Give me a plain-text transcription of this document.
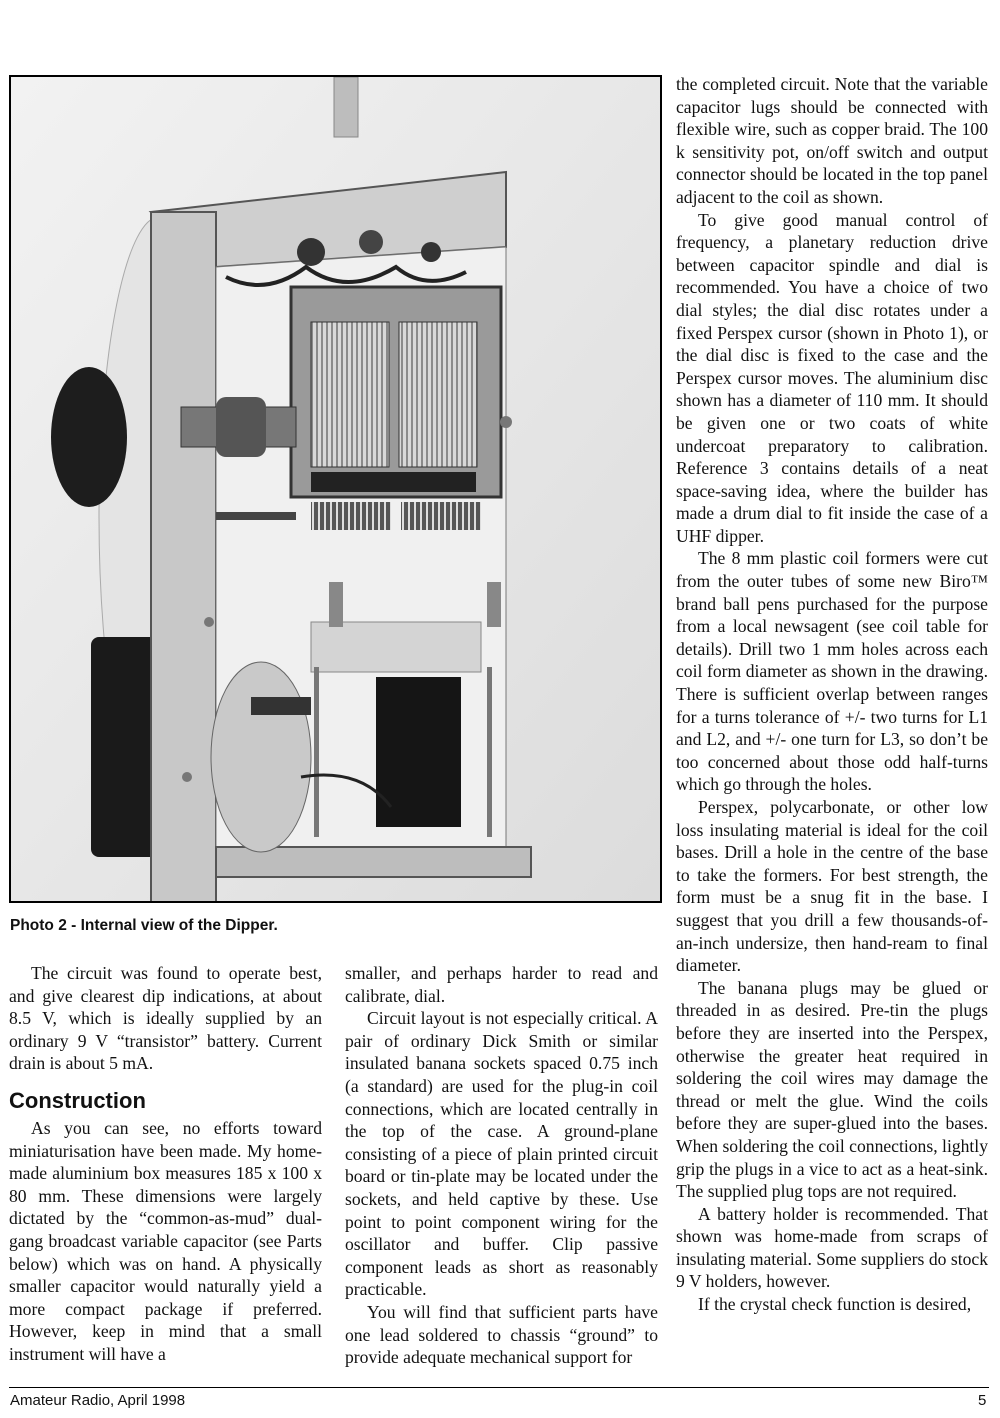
Photo 2 - Internal view of the Dipper.

The circuit was found to operate best, and give clearest dip indications, at about 8.5 V, which is ideally supplied by an ordinary 9 V “transistor” battery. Current drain is about 5 mA.

Construction

As you can see, no efforts toward miniaturisation have been made. My home-made aluminium box measures 185 x 100 x 80 mm. These dimensions were largely dictated by the “common-as-mud” dual-gang broadcast variable capacitor (see Parts below) which was on hand. A physically smaller capacitor would naturally yield a more compact package if preferred. However, keep in mind that a small instrument will have a

smaller, and perhaps harder to read and calibrate, dial.

Circuit layout is not especially critical. A pair of ordinary Dick Smith or similar insulated banana sockets spaced 0.75 inch (a standard) are used for the plug-in coil connections, which are located centrally in the top of the case. A ground-plane consisting of a piece of plain printed circuit board or tin-plate may be located under the sockets, and held captive by these. Use point to point component wiring for the oscillator and buffer. Clip passive component leads as short as reasonably practicable.

You will find that sufficient parts have one lead soldered to chassis “ground” to provide adequate mechanical support for

the completed circuit. Note that the variable capacitor lugs should be connected with flexible wire, such as copper braid. The 100 k sensitivity pot, on/off switch and output connector should be located in the top panel adjacent to the coil as shown.

To give good manual control of frequency, a planetary reduction drive between capacitor spindle and dial is recommended. You have a choice of two dial styles; the dial disc rotates under a fixed Perspex cursor (shown in Photo 1), or the dial disc is fixed to the case and the Perspex cursor moves. The aluminium disc shown has a diameter of 110 mm. It should be given one or two coats of white undercoat preparatory to calibration. Reference 3 contains details of a neat space-saving idea, where the builder has made a drum dial to fit inside the case of a UHF dipper.

The 8 mm plastic coil formers were cut from the outer tubes of some new Biro™ brand ball pens purchased for the purpose from a local newsagent (see coil table for details). Drill two 1 mm holes across each coil form diameter as shown in the drawing. There is sufficient overlap between ranges for a turns tolerance of +/- two turns for L1 and L2, and +/- one turn for L3, so don’t be too concerned about those odd half-turns which go through the holes.

Perspex, polycarbonate, or other low loss insulating material is ideal for the coil bases. Drill a hole in the centre of the base to take the formers. For best strength, the form must be a snug fit in the base. I suggest that you drill a few thousands-of-an-inch undersize, then hand-ream to final diameter.

The banana plugs may be glued or threaded in as desired. Pre-tin the plugs before they are inserted into the Perspex, otherwise the greater heat required in soldering the coil wires may damage the thread or melt the glue. Wind the coils before they are super-glued into the bases. When soldering the coil connections, lightly grip the plugs in a vice to act as a heat-sink. The supplied plug tops are not required.

A battery holder is recommended. That shown was home-made from scraps of insulating material. Some suppliers do stock 9 V holders, however.

If the crystal check function is desired,

Amateur Radio, April 1998	5
